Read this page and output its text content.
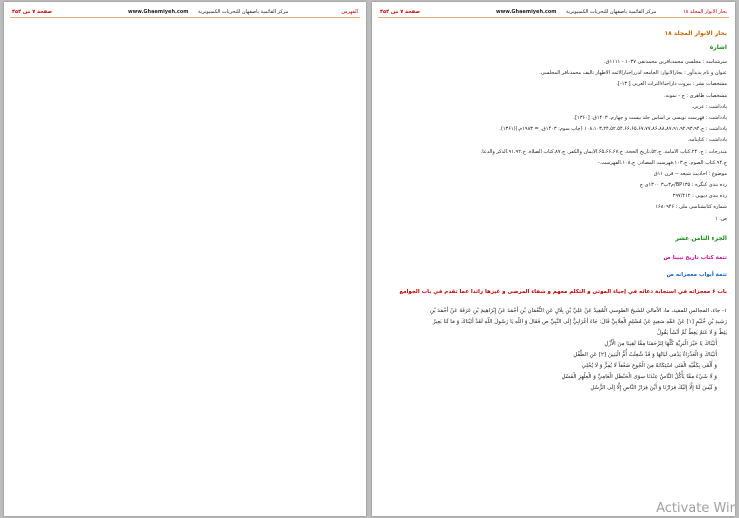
صفحة ۷ من ۴۵۴	www.Ghaemiyeh.com مرکز القائمية باصفهان للتحريات الكمبيوترية	الفهرس	صفحة ۷ من ۴۵۴	www.Ghaemiyeh.com مرکز القائمية باصفهان للتحريات الكمبيوترية	بحار الانوار المجلد ۱۸
بحار الانوار المجلد ۱۸
اشارة
سرشناسه : مجلسی محمدباقربن محمدتقی ۱۰۳۷ - ۱۱۱۱ق.
عنوان و نام پدیدآور : بحارالانوار: الجامعه لدرراخبارالائمه الاطهار تالیف محمدباقر المجلسی.
مشخصات نشر : بیروت داراحیاءالتراث العربی [ ۱۳-].
مشخصات ظاهری : ج - نمونه.
یادداشت : عربی.
یادداشت : فهرست نویسی بر اساس جلد بیست و چهارم، ۱۴۰۳ق. [۱۳۶۰].
یادداشت : ج.۲۴.۵۲.۵۴.۶۶،۶۵،۶۷،۷۷،۸۶،۸۸،۸۷،۹۱،۹۲،۹۳،۹۴ـ۱۰۸،۱۰۳ (چاپ سوم: ۱۴۰۳ق. = ۱۹۸۳م.)(۱۳۶۱).
یادداشت : کتابنامه.
مندرجات : ج. ۲۴.کتاب الامامة. ج.۵۲.تاریخ الحجة. ج.۶۵،۶۶،۶۷.الایمان والکفر. ج.۸۷.کتاب الصلاة. ج.۹۱،۹۲.الذکر والدعا.
ج.۹۴.کتاب الصوم. ج.۱۰۳.فهرست المصادر. ج.۱۰۸.الفهرست.-
موضوع : احادیث شیعه -- قرن ۱۱ق
رده بندی کنگره : BP۱۳۵/م۳ب۳ ۱۳۰۰ی ج
رده بندی دیویی : ۲۹۷/۲۱۲
شماره کتابشناسی ملی : ۱۶۸۰۹۴۶
ص: ۱
الجزء الثامن عشر
تتمة كتاب تاريخ نبينا ص
تتمة أبواب معجزاته ص
باب ۶ معجزاته في استجابة دعائه في إحياء الموتى و التكلم معهم و شفاء المرضى و غيرها زائدا عما تقدم في باب الجوامع
۱- جاء، المجالس للمفيد، ما، الأمالي للشيخ الطوسي الْمُفِيدُ عَنْ عَلِيِّ بْنِ بِلَالٍ عَنِ النُّعْمَانِ بْنِ أَحْمَدَ عَنْ إِبْرَاهِيمَ بْنِ عَرَفَةَ عَنْ أَحْمَدَ بْنِ
رَشِيدِ بْنِ خُثَيْمٍ [۱] عَنْ عَمِّهِ سَعِيدٍ عَنْ مُسْلِمٍ الْغِلَابِيِّ قَالَ: جَاءَ أَعْرَابِيٌّ إِلَى النَّبِيِّ ص فَقَالَ وَ اللَّهِ يَا رَسُولَ اللَّهِ لَقَدْ أَتَيْنَاكَ وَ مَا لَنَا بَعِيرٌ
يَئِطُّ وَ لَا غَنَمٌ يَغِطُّ ثُمَّ أَنْشَأَ يَقُولُ
أَتَيْنَاكَ يَا خَيْرَ الْبَرِيَّةِ كُلِّهَا لِتَرْحَمَنَا مِمَّا لَقِينَا مِنَ الْأَزْلِ
أَتَيْنَاكَ وَ الْعَذْرَاءُ يَدْمَى لَبَانُهَا وَ قَدْ شُغِلَتْ أُمُّ الْبَنِينَ [۲] عَنِ الطِّفْلِ
وَ أَلْقَى بِكَفَّيْهِ الْفَتَى اسْتِكَانَةً مِنَ الْجُوعِ ضَعْفاً لَا يُمِرُّ وَ لَا يُحْلِي
وَ لَا شَيْءَ مِمَّا يَأْكُلُ النَّاسُ عِنْدَنَا سِوَى الْحَنْظَلِ الْعَامِيِّ وَ الْعِلْهِزِ الْفَسْلِ
وَ لَيْسَ لَنَا إِلَّا إِلَيْكَ فِرَارُنَا وَ أَيْنَ فِرَارُ النَّاسِ إِلَّا إِلَى الرُّسُلِ
Activate Wir
